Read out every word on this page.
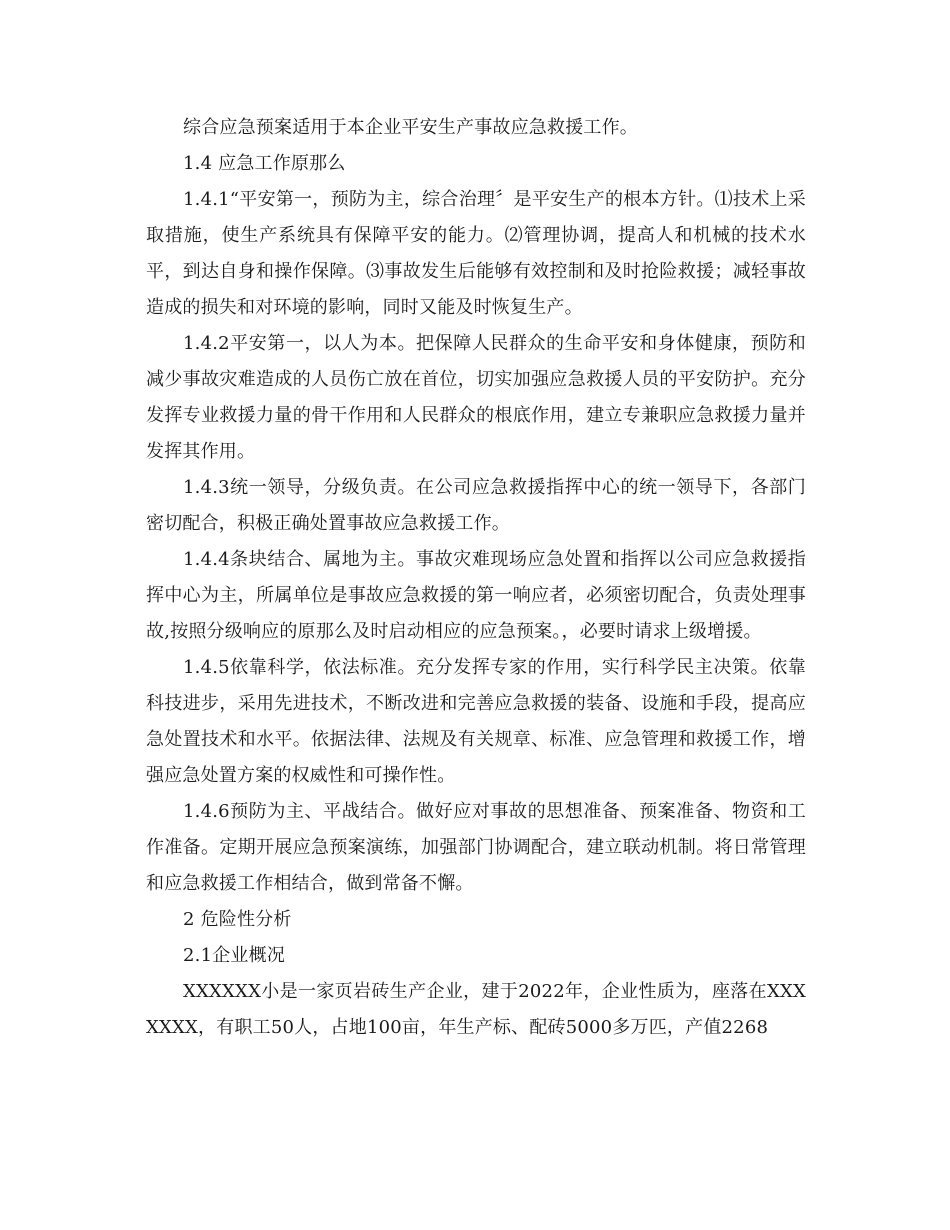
综合应急预案适用于本企业平安生产事故应急救援工作。

1.4 应急工作原那么

1.4.1“平安第一，预防为主，综合治理〞是平安生产的根本方针。⑴技术上采取措施，使生产系统具有保障平安的能力。⑵管理协调，提高人和机械的技术水平，到达自身和操作保障。⑶事故发生后能够有效控制和及时抢险救援；减轻事故造成的损失和对环境的影响，同时又能及时恢复生产。

1.4.2平安第一，以人为本。把保障人民群众的生命平安和身体健康，预防和减少事故灾难造成的人员伤亡放在首位，切实加强应急救援人员的平安防护。充分发挥专业救援力量的骨干作用和人民群众的根底作用，建立专兼职应急救援力量并发挥其作用。

1.4.3统一领导，分级负责。在公司应急救援指挥中心的统一领导下，各部门密切配合，积极正确处置事故应急救援工作。

1.4.4条块结合、属地为主。事故灾难现场应急处置和指挥以公司应急救援指挥中心为主，所属单位是事故应急救援的第一响应者，必须密切配合，负责处理事故,按照分级响应的原那么及时启动相应的应急预案。，必要时请求上级增援。

1.4.5依靠科学，依法标准。充分发挥专家的作用，实行科学民主决策。依靠科技进步，采用先进技术，不断改进和完善应急救援的装备、设施和手段，提高应急处置技术和水平。依据法律、法规及有关规章、标准、应急管理和救援工作，增强应急处置方案的权威性和可操作性。

1.4.6预防为主、平战结合。做好应对事故的思想准备、预案准备、物资和工作准备。定期开展应急预案演练，加强部门协调配合，建立联动机制。将日常管理和应急救援工作相结合，做到常备不懈。

2 危险性分析

2.1企业概况

XXXXXX小是一家页岩砖生产企业，建于2022年，企业性质为，座落在XXXXXXX，有职工50人，占地100亩，年生产标、配砖5000多万匹，产值2268
